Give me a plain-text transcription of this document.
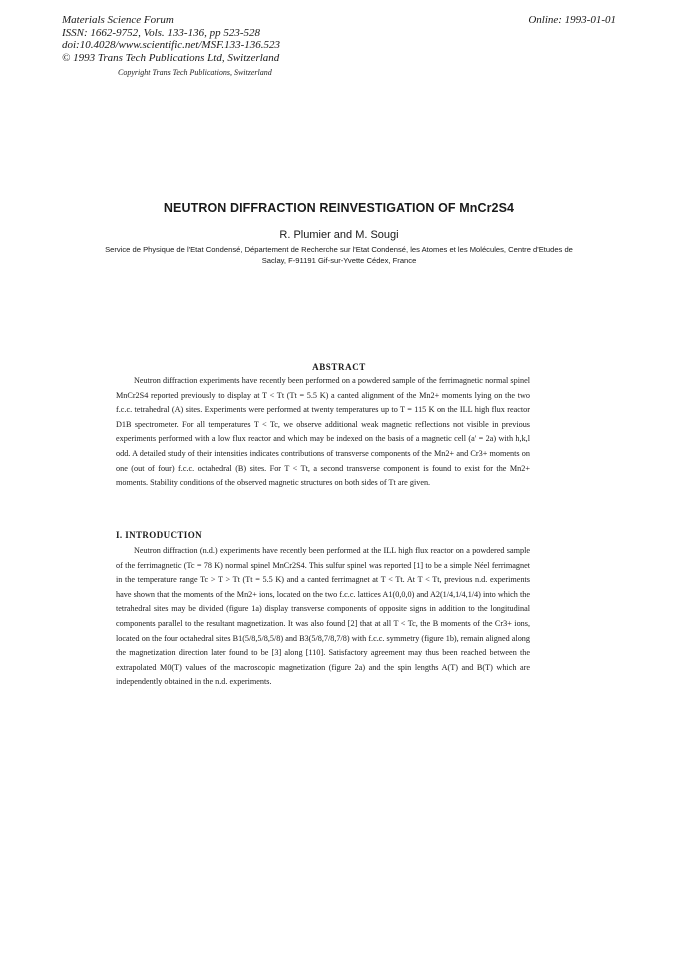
Materials Science Forum
ISSN: 1662-9752, Vols. 133-136, pp 523-528
doi:10.4028/www.scientific.net/MSF.133-136.523
© 1993 Trans Tech Publications Ltd, Switzerland
Online: 1993-01-01
Copyright Trans Tech Publications, Switzerland
NEUTRON DIFFRACTION REINVESTIGATION OF MnCr2S4
R. Plumier and M. Sougi
Service de Physique de l'Etat Condensé, Département de Recherche sur l'Etat Condensé, les Atomes et les Molécules, Centre d'Etudes de Saclay, F-91191 Gif-sur-Yvette Cédex, France
ABSTRACT

Neutron diffraction experiments have recently been performed on a powdered sample of the ferrimagnetic normal spinel MnCr2S4 reported previously to display at T < Tt (Tt = 5.5 K) a canted alignment of the Mn2+ moments lying on the two f.c.c. tetrahedral (A) sites. Experiments were performed at twenty temperatures up to T = 115 K on the ILL high flux reactor D1B spectrometer. For all temperatures T < Tc, we observe additional weak magnetic reflections not visible in previous experiments performed with a low flux reactor and which may be indexed on the basis of a magnetic cell (a' = 2a) with h,k,l odd. A detailed study of their intensities indicates contributions of transverse components of the Mn2+ and Cr3+ moments on one (out of four) f.c.c. octahedral (B) sites. For T < Tt, a second transverse component is found to exist for the Mn2+ moments. Stability conditions of the observed magnetic structures on both sides of Tt are given.

I. INTRODUCTION

Neutron diffraction (n.d.) experiments have recently been performed at the ILL high flux reactor on a powdered sample of the ferrimagnetic (Tc = 78 K) normal spinel MnCr2S4. This sulfur spinel was reported [1] to be a simple Néel ferrimagnet in the temperature range Tc > T > Tt (Tt = 5.5 K) and a canted ferrimagnet at T < Tt. At T < Tt, previous n.d. experiments have shown that the moments of the Mn2+ ions, located on the two f.c.c. lattices A1(0,0,0) and A2(1/4,1/4,1/4) into which the tetrahedral sites may be divided (figure 1a) display transverse components of opposite signs in addition to the longitudinal components parallel to the resultant magnetization. It was also found [2] that at all T < Tc, the B moments of the Cr3+ ions, located on the four octahedral sites B1(5/8,5/8,5/8) and B3(5/8,7/8,7/8) with f.c.c. symmetry (figure 1b), remain aligned along the magnetization direction later found to be [3] along [110]. Satisfactory agreement may thus been reached between the extrapolated M0(T) values of the macroscopic magnetization (figure 2a) and the spin lengths A(T) and B(T) which are independently obtained in the n.d. experiments.
